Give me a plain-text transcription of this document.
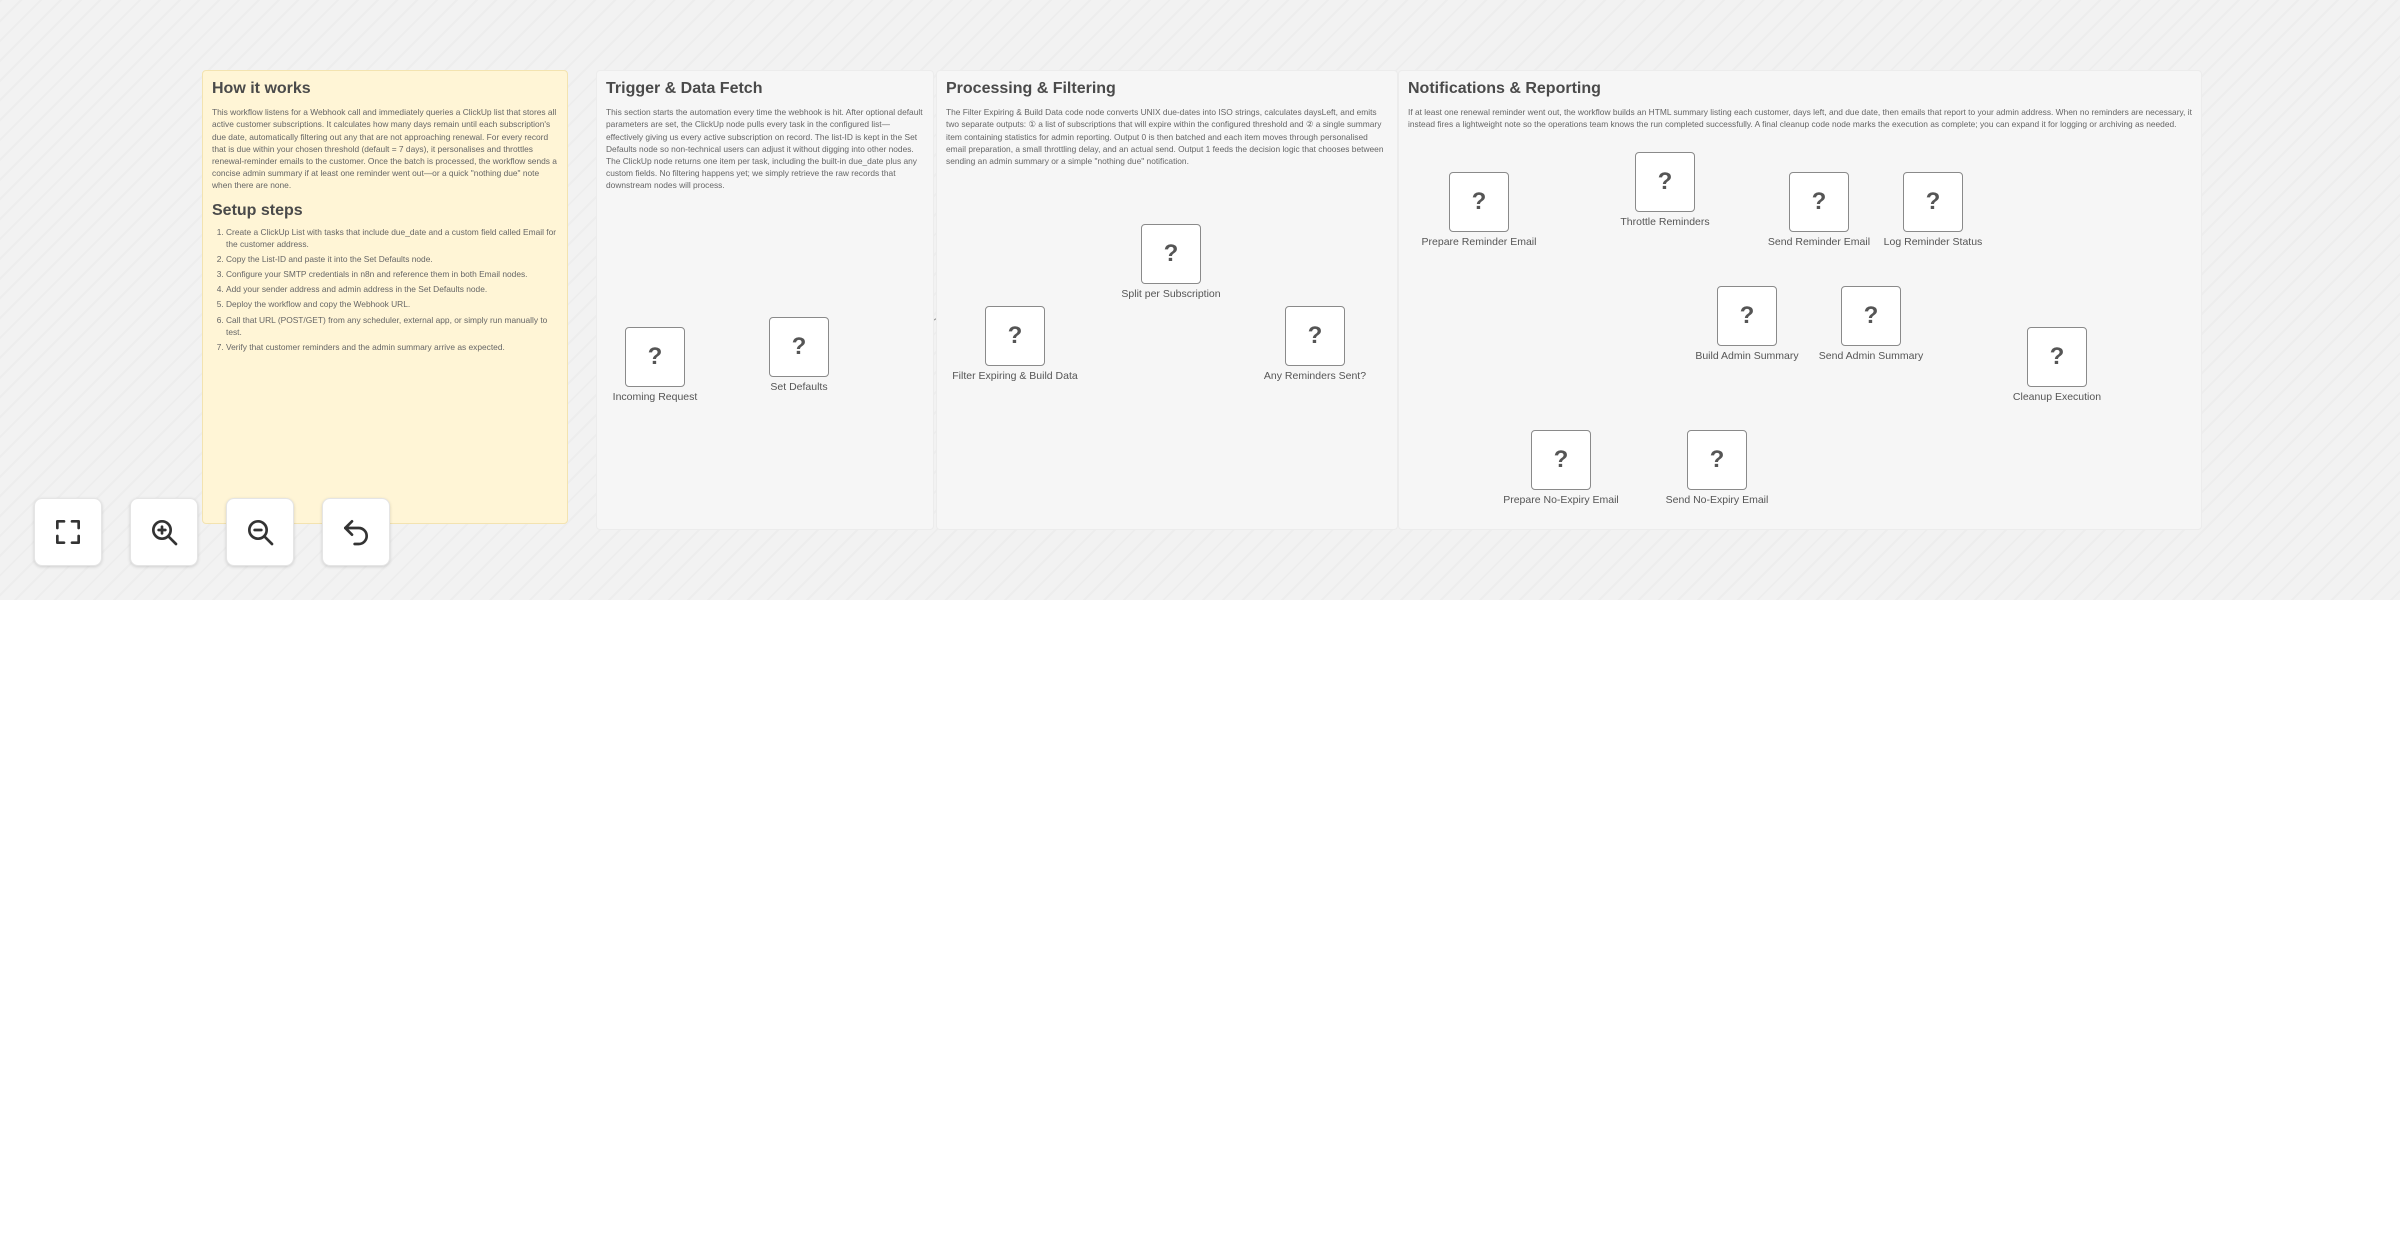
How it works

This workflow listens for a Webhook call and immediately queries a ClickUp list that stores all active customer subscriptions. It calculates how many days remain until each subscription's due date, automatically filtering out any that are not approaching renewal. For every record that is due within your chosen threshold (default = 7 days), it personalises and throttles renewal-reminder emails to the customer. Once the batch is processed, the workflow sends a concise admin summary if at least one reminder went out—or a quick "nothing due" note when there are none.

Setup steps
1. Create a ClickUp List with tasks that include due_date and a custom field called Email for the customer address.
2. Copy the List-ID and paste it into the Set Defaults node.
3. Configure your SMTP credentials in n8n and reference them in both Email nodes.
4. Add your sender address and admin address in the Set Defaults node.
5. Deploy the workflow and copy the Webhook URL.
6. Call that URL (POST/GET) from any scheduler, external app, or simply run manually to test.
7. Verify that customer reminders and the admin summary arrive as expected.
Trigger & Data Fetch

This section starts the automation every time the webhook is hit. After optional default parameters are set, the ClickUp node pulls every task in the configured list—effectively giving us every active subscription on record. The list-ID is kept in the Set Defaults node so non-technical users can adjust it without digging into other nodes. The ClickUp node returns one item per task, including the built-in due_date plus any custom fields. No filtering happens yet; we simply retrieve the raw records that downstream nodes will process.

Processing & Filtering

The Filter Expiring & Build Data code node converts UNIX due-dates into ISO strings, calculates daysLeft, and emits two separate outputs: ① a list of subscriptions that will expire within the configured threshold and ② a single summary item containing statistics for admin reporting. Output 0 is then batched and each item moves through personalised email preparation, a small throttling delay, and an actual send. Output 1 feeds the decision logic that chooses between sending an admin summary or a simple "nothing due" notification.

Notifications & Reporting

If at least one renewal reminder went out, the workflow builds an HTML summary listing each customer, days left, and due date, then emails that report to your admin address. When no reminders are necessary, it instead fires a lightweight note so the operations team knows the run completed successfully. A final cleanup code node marks the execution as complete; you can expand it for logging or archiving as needed.

?
Incoming Request
?
Set Defaults
?
Filter Expiring & Build Data
?
Split per Subscription
?
Any Reminders Sent?
?
Prepare Reminder Email
?
Throttle Reminders
?
Send Reminder Email
?
Log Reminder Status
?
Build Admin Summary
?
Send Admin Summary	?
Cleanup Execution
?
Prepare No-Expiry Email
?
Send No-Expiry Email
